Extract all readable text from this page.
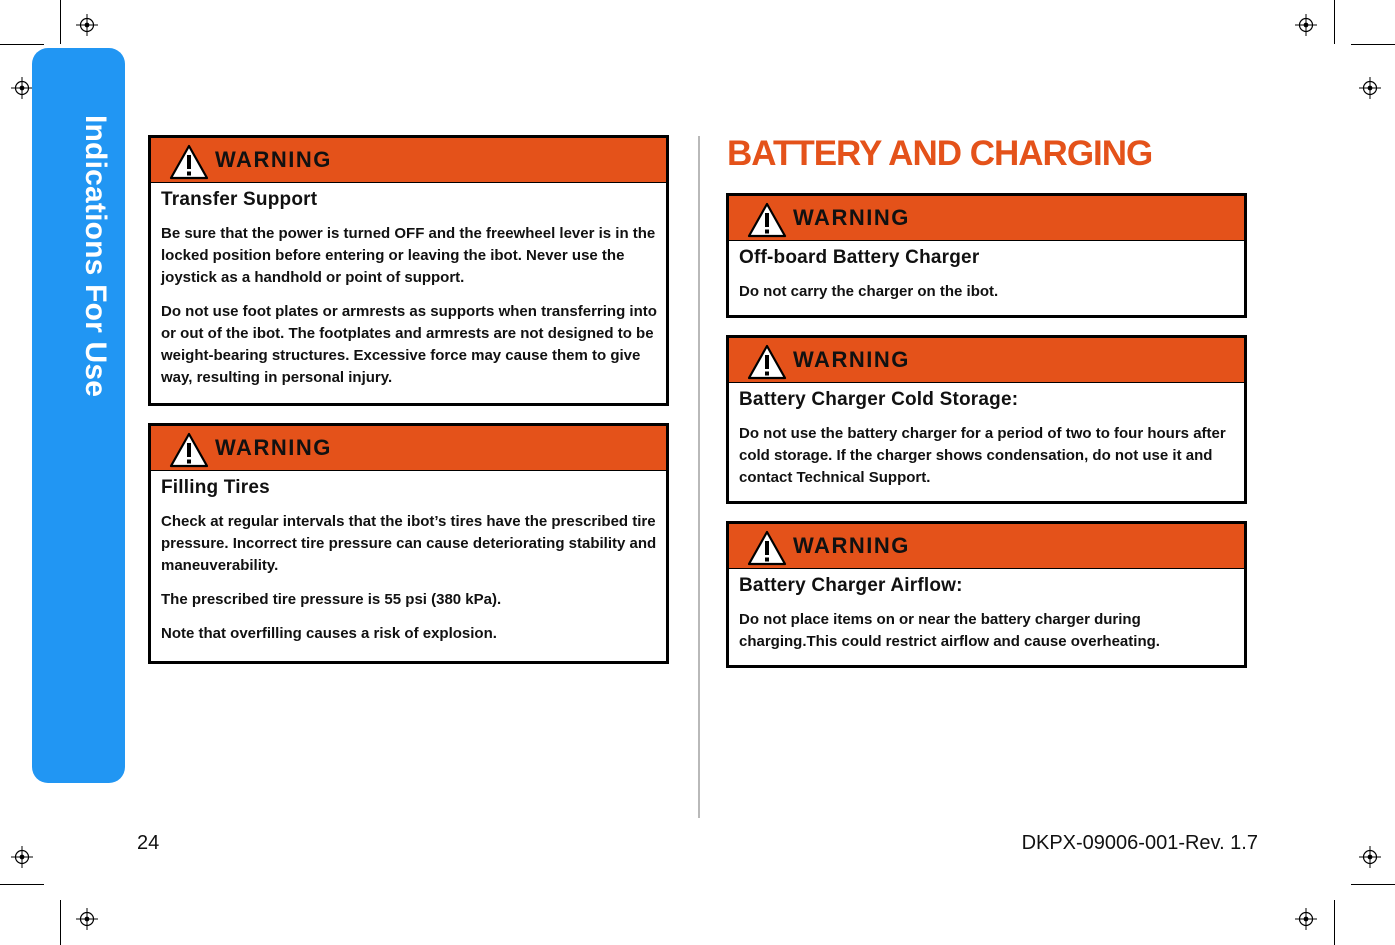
Indications For Use	BATTERY AND CHARGING
WARNING

Transfer Support

Be sure that the power is turned OFF and the freewheel lever is in the locked position before entering or leaving the ibot. Never use the joystick as a handhold or point of support.

Do not use foot plates or armrests as supports when transferring into or out of the ibot. The footplates and armrests are not designed to be weight-bearing structures. Excessive force may cause them to give way, resulting in personal injury.

WARNING

Filling Tires

Check at regular intervals that the ibot’s tires have the prescribed tire pressure. Incorrect tire pressure can cause deteriorating stability and maneuverability.

The prescribed tire pressure is 55 psi (380 kPa).

Note that overfilling causes a risk of explosion.

WARNING

Off-board Battery Charger

Do not carry the charger on the ibot.

WARNING

Battery Charger Cold Storage:

Do not use the battery charger for a period of two to four hours after cold storage. If the charger shows condensation, do not use it and contact Technical Support.

WARNING

Battery Charger Airflow:

Do not place items on or near the battery charger during charging.This could restrict airflow and cause overheating.

24	DKPX-09006-001-Rev. 1.7
